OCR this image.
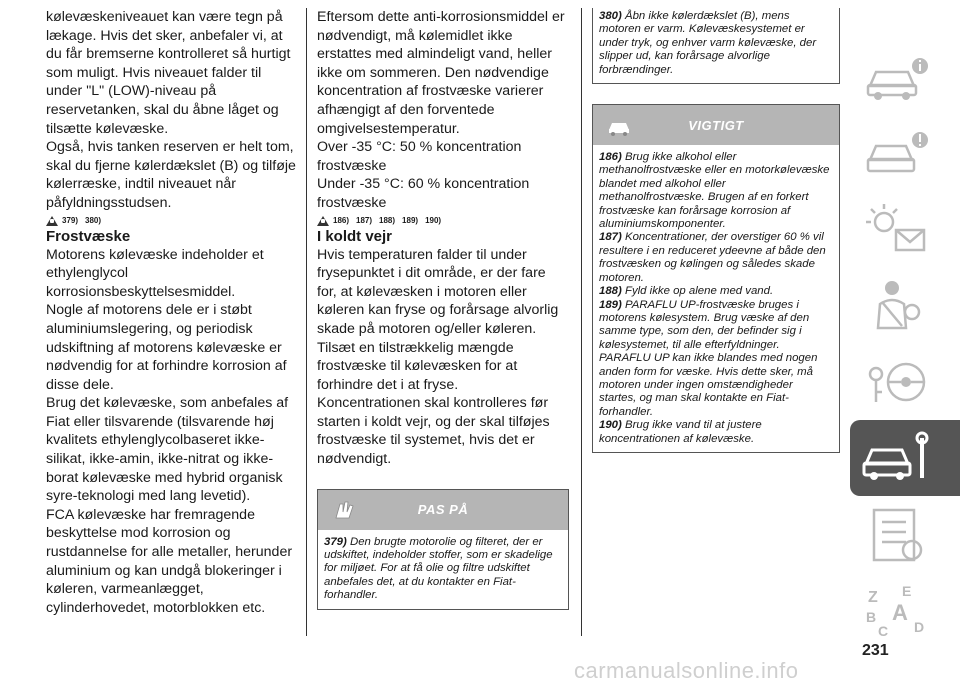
kølevæskeniveauet kan være tegn på lækage. Hvis det sker, anbefaler vi, at du får bremserne kontrolleret så hurtigt som muligt. Hvis niveauet falder til under "L" (LOW)-niveau på reservetanken, skal du åbne låget og tilsætte kølevæske.

Også, hvis tanken reserven er helt tom, skal du fjerne kølerdækslet (B) og tilføje kølerræske, indtil niveauet når påfyldningsstudsen.

379) 380)
Frostvæske

Motorens kølevæske indeholder et ethylenglycol korrosionsbeskyttelsesmiddel.

Nogle af motorens dele er i støbt aluminiumslegering, og periodisk udskiftning af motorens kølevæske er nødvendig for at forhindre korrosion af disse dele.

Brug det kølevæske, som anbefales af Fiat eller tilsvarende (tilsvarende høj kvalitets ethylenglycolbaseret ikke-silikat, ikke-amin, ikke-nitrat og ikke-borat kølevæske med hybrid organisk syre-teknologi med lang levetid).

FCA kølevæske har fremragende beskyttelse mod korrosion og rustdannelse for alle metaller, herunder aluminium og kan undgå blokeringer i køleren, varmeanlægget, cylinderhovedet, motorblokken etc.

Eftersom dette anti-korrosionsmiddel er nødvendigt, må kølemidlet ikke erstattes med almindeligt vand, heller ikke om sommeren. Den nødvendige koncentration af frostvæske varierer afhængigt af den forventede omgivelsestemperatur.

Over -35 °C: 50 % koncentration frostvæske

Under -35 °C: 60 % koncentration frostvæske

186) 187) 188) 189) 190)
I koldt vejr

Hvis temperaturen falder til under frysepunktet i dit område, er der fare for, at kølevæsken i motoren eller køleren kan fryse og forårsage alvorlig skade på motoren og/eller køleren. Tilsæt en tilstrækkelig mængde frostvæske til kølevæsken for at forhindre det i at fryse.

Koncentrationen skal kontrolleres før starten i koldt vejr, og der skal tilføjes frostvæske til systemet, hvis det er nødvendigt.

PAS PÅ

379) Den brugte motorolie og filteret, der er udskiftet, indeholder stoffer, som er skadelige for miljøet. For at få olie og filtre udskiftet anbefales det, at du kontakter en Fiat-forhandler.

380) Åbn ikke kølerdækslet (B), mens motoren er varm. Kølevæskesystemet er under tryk, og enhver varm kølevæske, der slipper ud, kan forårsage alvorlige forbrændinger.

VIGTIGT

186) Brug ikke alkohol eller methanolfrostvæske eller en motorkølevæske blandet med alkohol eller methanolfrostvæske. Brugen af en forkert frostvæske kan forårsage korrosion af aluminiumskomponenter.

187) Koncentrationer, der overstiger 60 % vil resultere i en reduceret ydeevne af både den frostvæsken og kølingen og således skade motoren.

188) Fyld ikke op alene med vand.

189) PARAFLU UP-frostvæske bruges i motorens kølesystem. Brug væske af den samme type, som den, der befinder sig i kølesystemet, til alle efterfyldninger. PARAFLU UP kan ikke blandes med nogen anden form for væske. Hvis dette sker, må motoren under ingen omstændigheder startes, og man skal kontakte en Fiat-forhandler.

190) Brug ikke vand til at justere koncentrationen af kølevæske.

Z E
B A
C D
231
carmanualsonline.info
